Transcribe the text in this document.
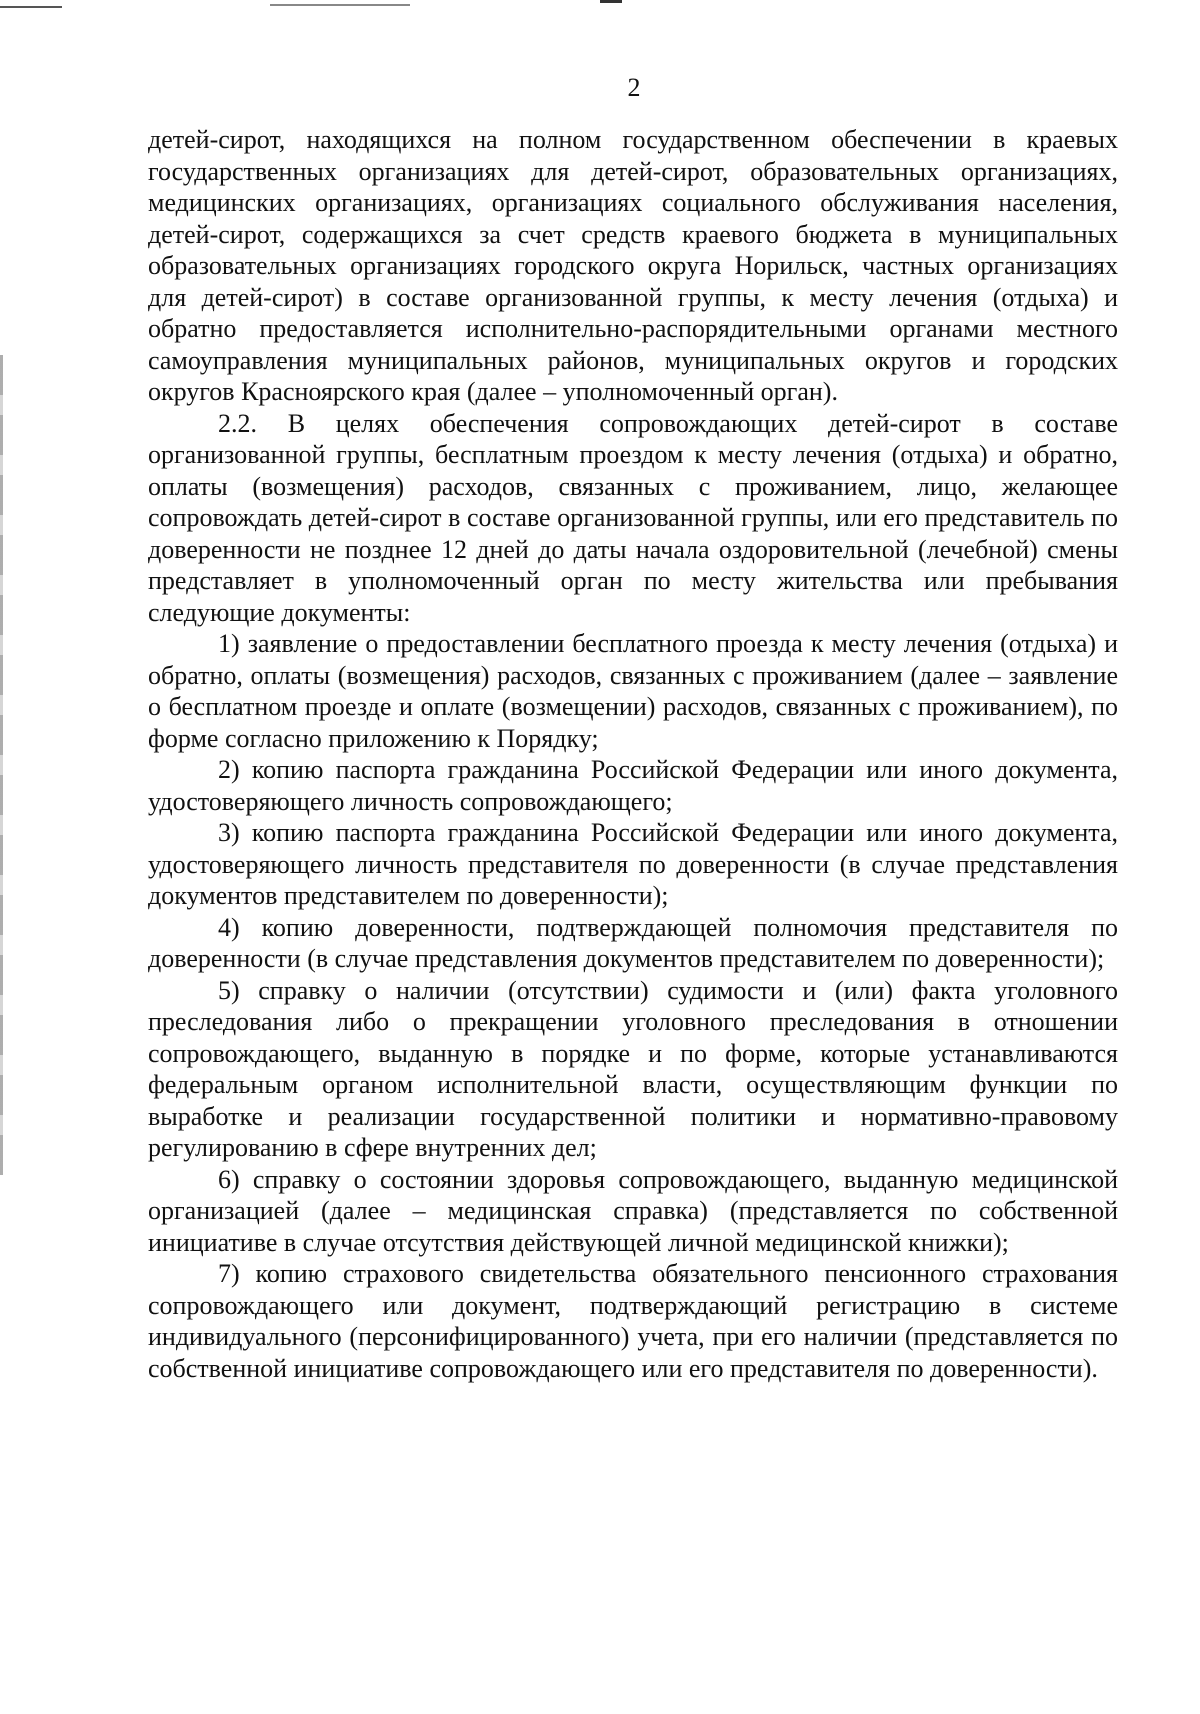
2

детей-сирот, находящихся на полном государственном обеспечении в краевых государственных организациях для детей-сирот, образовательных организациях, медицинских организациях, организациях социального обслуживания населения, детей-сирот, содержащихся за счет средств краевого бюджета в муниципальных образовательных организациях городского округа Норильск, частных организациях для детей-сирот) в составе организованной группы, к месту лечения (отдыха) и обратно предоставляется исполнительно-распорядительными органами местного самоуправления муниципальных районов, муниципальных округов и городских округов Красноярского края (далее – уполномоченный орган).

2.2. В целях обеспечения сопровождающих детей-сирот в составе организованной группы, бесплатным проездом к месту лечения (отдыха) и обратно, оплаты (возмещения) расходов, связанных с проживанием, лицо, желающее сопровождать детей-сирот в составе организованной группы, или его представитель по доверенности не позднее 12 дней до даты начала оздоровительной (лечебной) смены представляет в уполномоченный орган по месту жительства или пребывания следующие документы:

1) заявление о предоставлении бесплатного проезда к месту лечения (отдыха) и обратно, оплаты (возмещения) расходов, связанных с проживанием (далее – заявление о бесплатном проезде и оплате (возмещении) расходов, связанных с проживанием), по форме согласно приложению к Порядку;

2) копию паспорта гражданина Российской Федерации или иного документа, удостоверяющего личность сопровождающего;

3) копию паспорта гражданина Российской Федерации или иного документа, удостоверяющего личность представителя по доверенности (в случае представления документов представителем по доверенности);

4) копию доверенности, подтверждающей полномочия представителя по доверенности (в случае представления документов представителем по доверенности);

5) справку о наличии (отсутствии) судимости и (или) факта уголовного преследования либо о прекращении уголовного преследования в отношении сопровождающего, выданную в порядке и по форме, которые устанавливаются федеральным органом исполнительной власти, осуществляющим функции по выработке и реализации государственной политики и нормативно-правовому регулированию в сфере внутренних дел;

6) справку о состоянии здоровья сопровождающего, выданную медицинской организацией (далее – медицинская справка) (представляется по собственной инициативе в случае отсутствия действующей личной медицинской книжки);

7) копию страхового свидетельства обязательного пенсионного страхования сопровождающего или документ, подтверждающий регистрацию в системе индивидуального (персонифицированного) учета, при его наличии (представляется по собственной инициативе сопровождающего или его представителя по доверенности).
